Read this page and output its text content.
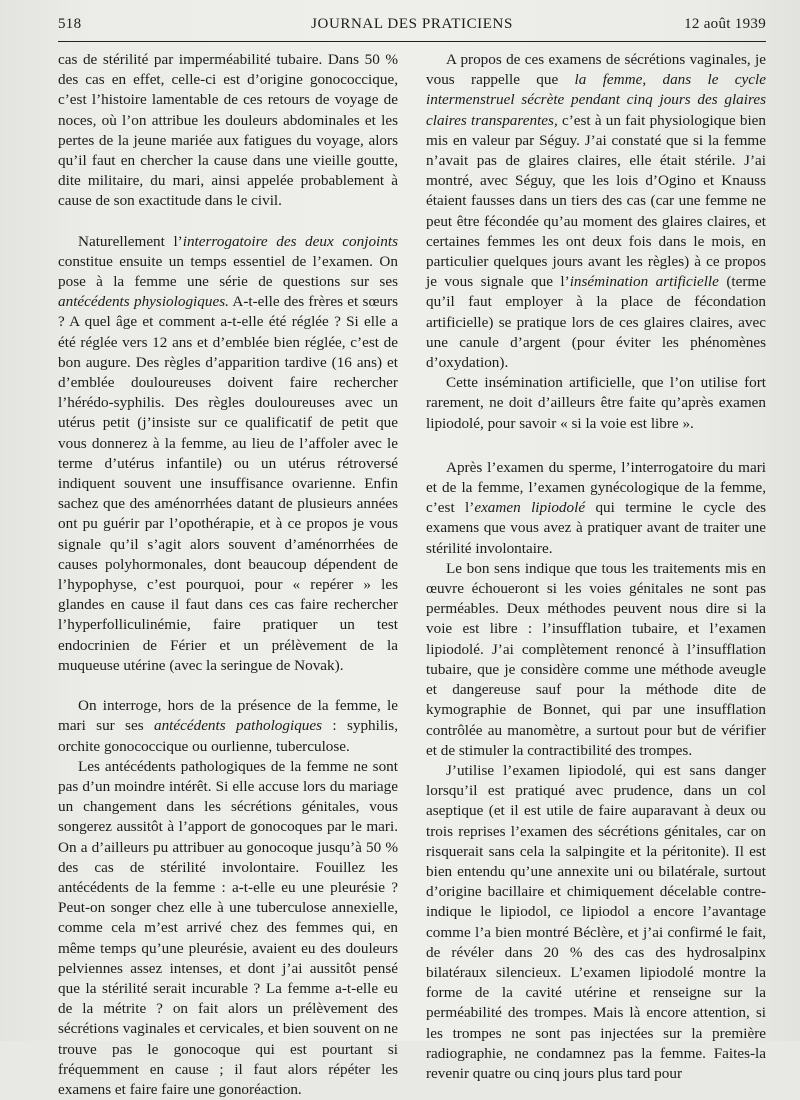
518	JOURNAL DES PRATICIENS	12 août 1939

cas de stérilité par imperméabilité tubaire. Dans 50 % des cas en effet, celle-ci est d’origine gonococcique, c’est l’histoire lamentable de ces retours de voyage de noces, où l’on attribue les douleurs abdominales et les pertes de la jeune mariée aux fatigues du voyage, alors qu’il faut en chercher la cause dans une vieille goutte, dite militaire, du mari, ainsi appelée probablement à cause de son exactitude dans le civil.

Naturellement l’interrogatoire des deux conjoints constitue ensuite un temps essentiel de l’examen. On pose à la femme une série de questions sur ses antécédents physiologiques. A-t-elle des frères et sœurs ? A quel âge et comment a-t-elle été réglée ? Si elle a été réglée vers 12 ans et d’emblée bien réglée, c’est de bon augure. Des règles d’apparition tardive (16 ans) et d’emblée douloureuses doivent faire rechercher l’hérédo-syphilis. Des règles douloureuses avec un utérus petit (j’insiste sur ce qualificatif de petit que vous donnerez à la femme, au lieu de l’affoler avec le terme d’utérus infantile) ou un utérus rétroversé indiquent souvent une insuffisance ovarienne. Enfin sachez que des aménorrhées datant de plusieurs années ont pu guérir par l’opothérapie, et à ce propos je vous signale qu’il s’agit alors souvent d’aménorrhées de causes polyhormonales, dont beaucoup dépendent de l’hypophyse, c’est pourquoi, pour « repérer » les glandes en cause il faut dans ces cas faire rechercher l’hyperfolliculinémie, faire pratiquer un test endocrinien de Férier et un prélèvement de la muqueuse utérine (avec la seringue de Novak).

On interroge, hors de la présence de la femme, le mari sur ses antécédents pathologiques : syphilis, orchite gonococcique ou ourlienne, tuberculose.

Les antécédents pathologiques de la femme ne sont pas d’un moindre intérêt. Si elle accuse lors du mariage un changement dans les sécrétions génitales, vous songerez aussitôt à l’apport de gonocoques par le mari. On a d’ailleurs pu attribuer au gonocoque jusqu’à 50 % des cas de stérilité involontaire. Fouillez les antécédents de la femme : a-t-elle eu une pleurésie ? Peut-on songer chez elle à une tuberculose annexielle, comme cela m’est arrivé chez des femmes qui, en même temps qu’une pleurésie, avaient eu des douleurs pelviennes assez intenses, et dont j’ai aussitôt pensé que la stérilité serait incurable ? La femme a-t-elle eu de la métrite ? on fait alors un prélèvement des sécrétions vaginales et cervicales, et bien souvent on ne trouve pas le gonocoque qui est pourtant si fréquemment en cause ; il faut alors répéter les examens et faire faire une gonoréaction.

A propos de ces examens de sécrétions vaginales, je vous rappelle que la femme, dans le cycle intermenstruel sécrète pendant cinq jours des glaires claires transparentes, c’est à un fait physiologique bien mis en valeur par Séguy. J’ai constaté que si la femme n’avait pas de glaires claires, elle était stérile. J’ai montré, avec Séguy, que les lois d’Ogino et Knauss étaient fausses dans un tiers des cas (car une femme ne peut être fécondée qu’au moment des glaires claires, et certaines femmes les ont deux fois dans le mois, en particulier quelques jours avant les règles) à ce propos je vous signale que l’insémination artificielle (terme qu’il faut employer à la place de fécondation artificielle) se pratique lors de ces glaires claires, avec une canule d’argent (pour éviter les phénomènes d’oxydation).

Cette insémination artificielle, que l’on utilise fort rarement, ne doit d’ailleurs être faite qu’après examen lipiodolé, pour savoir « si la voie est libre ».

Après l’examen du sperme, l’interrogatoire du mari et de la femme, l’examen gynécologique de la femme, c’est l’examen lipiodolé qui termine le cycle des examens que vous avez à pratiquer avant de traiter une stérilité involontaire.

Le bon sens indique que tous les traitements mis en œuvre échoueront si les voies génitales ne sont pas perméables. Deux méthodes peuvent nous dire si la voie est libre : l’insufflation tubaire, et l’examen lipiodolé. J’ai complètement renoncé à l’insufflation tubaire, que je considère comme une méthode aveugle et dangereuse sauf pour la méthode dite de kymographie de Bonnet, qui par une insufflation contrôlée au manomètre, a surtout pour but de vérifier et de stimuler la contractibilité des trompes.

J’utilise l’examen lipiodolé, qui est sans danger lorsqu’il est pratiqué avec prudence, dans un col aseptique (et il est utile de faire auparavant à deux ou trois reprises l’examen des sécrétions génitales, car on risquerait sans cela la salpingite et la péritonite). Il est bien entendu qu’une annexite uni ou bilatérale, surtout d’origine bacillaire et chimiquement décelable contre-indique le lipiodol, ce lipiodol a encore l’avantage comme l’a bien montré Béclère, et j’ai confirmé le fait, de révéler dans 20 % des cas des hydrosalpinx bilatéraux silencieux. L’examen lipiodolé montre la forme de la cavité utérine et renseigne sur la perméabilité des trompes. Mais là encore attention, si les trompes ne sont pas injectées sur la première radiographie, ne condamnez pas la femme. Faites-la revenir quatre ou cinq jours plus tard pour
